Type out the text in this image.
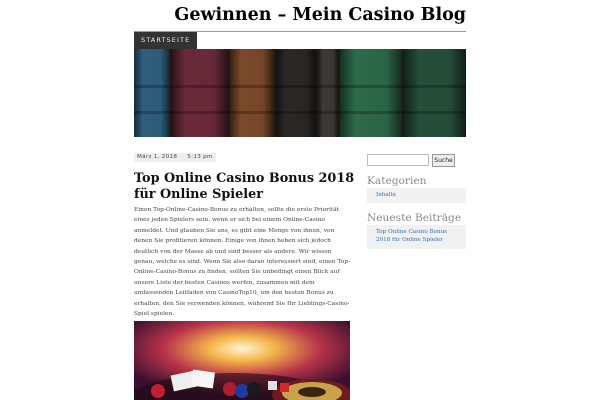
Gewinnen – Mein Casino Blog
STARTSEITE
März 1, 2018 5:13 pm
Top Online Casino Bonus 2018 für Online Spieler

Einen Top-Online-Casino-Bonus zu erhalten, sollte die erste Priorität eines jeden Spielers sein, wenn er sich bei einem Online-Casino anmeldet. Und glauben Sie uns, es gibt eine Menge von ihnen, von denen Sie profitieren können. Einige von ihnen heben sich jedoch deutlich von der Masse ab und sind besser als andere. Wir wissen genau, welche es sind. Wenn Sie also daran interessiert sind, einen Top-Online-Casino-Bonus zu finden, sollten Sie unbedingt einen Blick auf unsere Liste der besten Casinos werfen, zusammen mit dem umfassenden Leitfaden von CasinoTop10, um den besten Bonus zu erhalten, den Sie verwenden können, während Sie Ihr Lieblings-Casino-Spiel spielen.

Suche
Kategorien
Inhalte
Neueste Beiträge
Top Online Casino Bonus 2018 für Online Spieler
